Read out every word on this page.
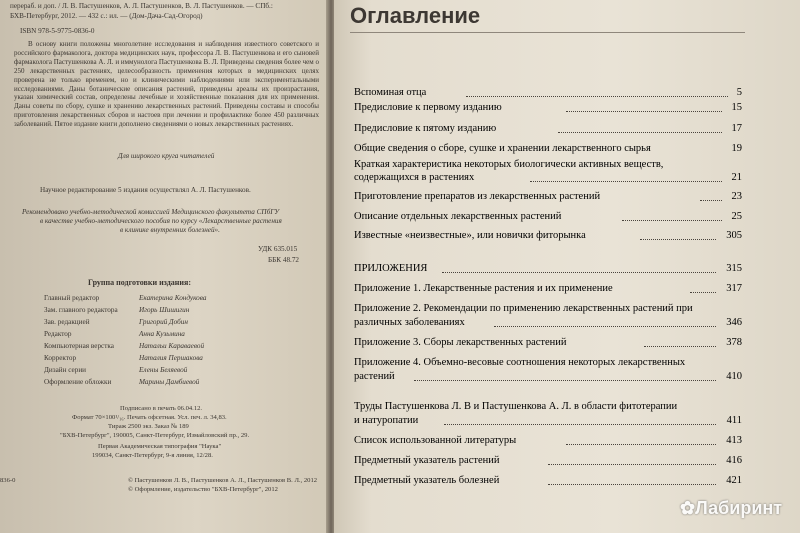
перераб. и доп. / Л. В. Пастушенков, А. Л. Пастушенков, В. Л. Пастушенков. — СПб.:
БХВ-Петербург, 2012. — 432 с.: ил. — (Дом-Дача-Сад-Огород)
ISBN 978-5-9775-0836-0
В основу книги положены многолетние исследования и наблюдения известного советского и российского фармаколога, доктора медицинских наук, профессора Л. В. Пастушенкова и его сыновей фармаколога Пастушенкова А. Л. и иммунолога Пастушенкова В. Л. Приведены сведения более чем о 250 лекарственных растениях, целесообразность применения которых в медицинских целях проверена не только временем, но и клиническими наблюдениями или экспериментальными исследованиями. Даны ботанические описания растений, приведены ареалы их произрастания, указан химический состав, определены лечебные и хозяйственные показания для их применения. Даны советы по сбору, сушке и хранению лекарственных растений. Приведены составы и способы приготовления лекарственных сборов и настоев при лечении и профилактике более 450 различных заболеваний. Пятое издание книги дополнено сведениями о новых лекарственных растениях.
Для широкого круга читателей
Научное редактирование 5 издания осуществлял А. Л. Пастушенков.
Рекомендовано учебно-методической комиссией Медицинского факультета СПбГУ
в качестве учебно-методического пособия по курсу «Лекарственные растения
в клинике внутренних болезней».
УДК 635.015
ББК 48.72
Группа подготовки издания:
Главный редактор	Екатерина Кондукова
Зам. главного редактора	Игорь Шишигин
Зав. редакцией	Григорий Добин
Редактор	Анна Кузьмина
Компьютерная верстка	Натальи Караваевой
Корректор	Наталия Першакова
Дизайн серии	Елены Беляевой
Оформление обложки	Марины Дамбиевой
Подписано в печать 06.04.12.
Формат 70×100¹/₁₆. Печать офсетная. Усл. печ. л. 34,83.
Тираж 2500 экз. Заказ № 189
"БХВ-Петербург", 190005, Санкт-Петербург, Измайловский пр., 29.
Первая Академическая типография "Наука"
199034, Санкт-Петербург, 9-я линия, 12/28.
836-0	© Пастушенков Л. В., Пастушенков А. Л., Пастушенков В. Л., 2012
© Оформление, издательство "БХВ-Петербург", 2012
Оглавление
Вспоминая отца	5
Предисловие к первому изданию	15
Предисловие к пятому изданию	17
Общие сведения о сборе, сушке и хранении лекарственного сырья	19
Краткая характеристика некоторых биологически активных веществ,
содержащихся в растениях	21
Приготовление препаратов из лекарственных растений	23
Описание отдельных лекарственных растений	25
Известные «неизвестные», или новички фиторынка	305
ПРИЛОЖЕНИЯ	315
Приложение 1. Лекарственные растения и их применение	317
Приложение 2. Рекомендации по применению лекарственных растений при
различных заболеваниях	346
Приложение 3. Сборы лекарственных растений	378
Приложение 4. Объемно-весовые соотношения некоторых лекарственных
растений	410
Труды Пастушенкова Л. В и Пастушенкова А. Л. в области фитотерапии
и натуропатии	411
Список использованной литературы	413
Предметный указатель растений	416
Предметный указатель болезней	421
✿Лабиринт
